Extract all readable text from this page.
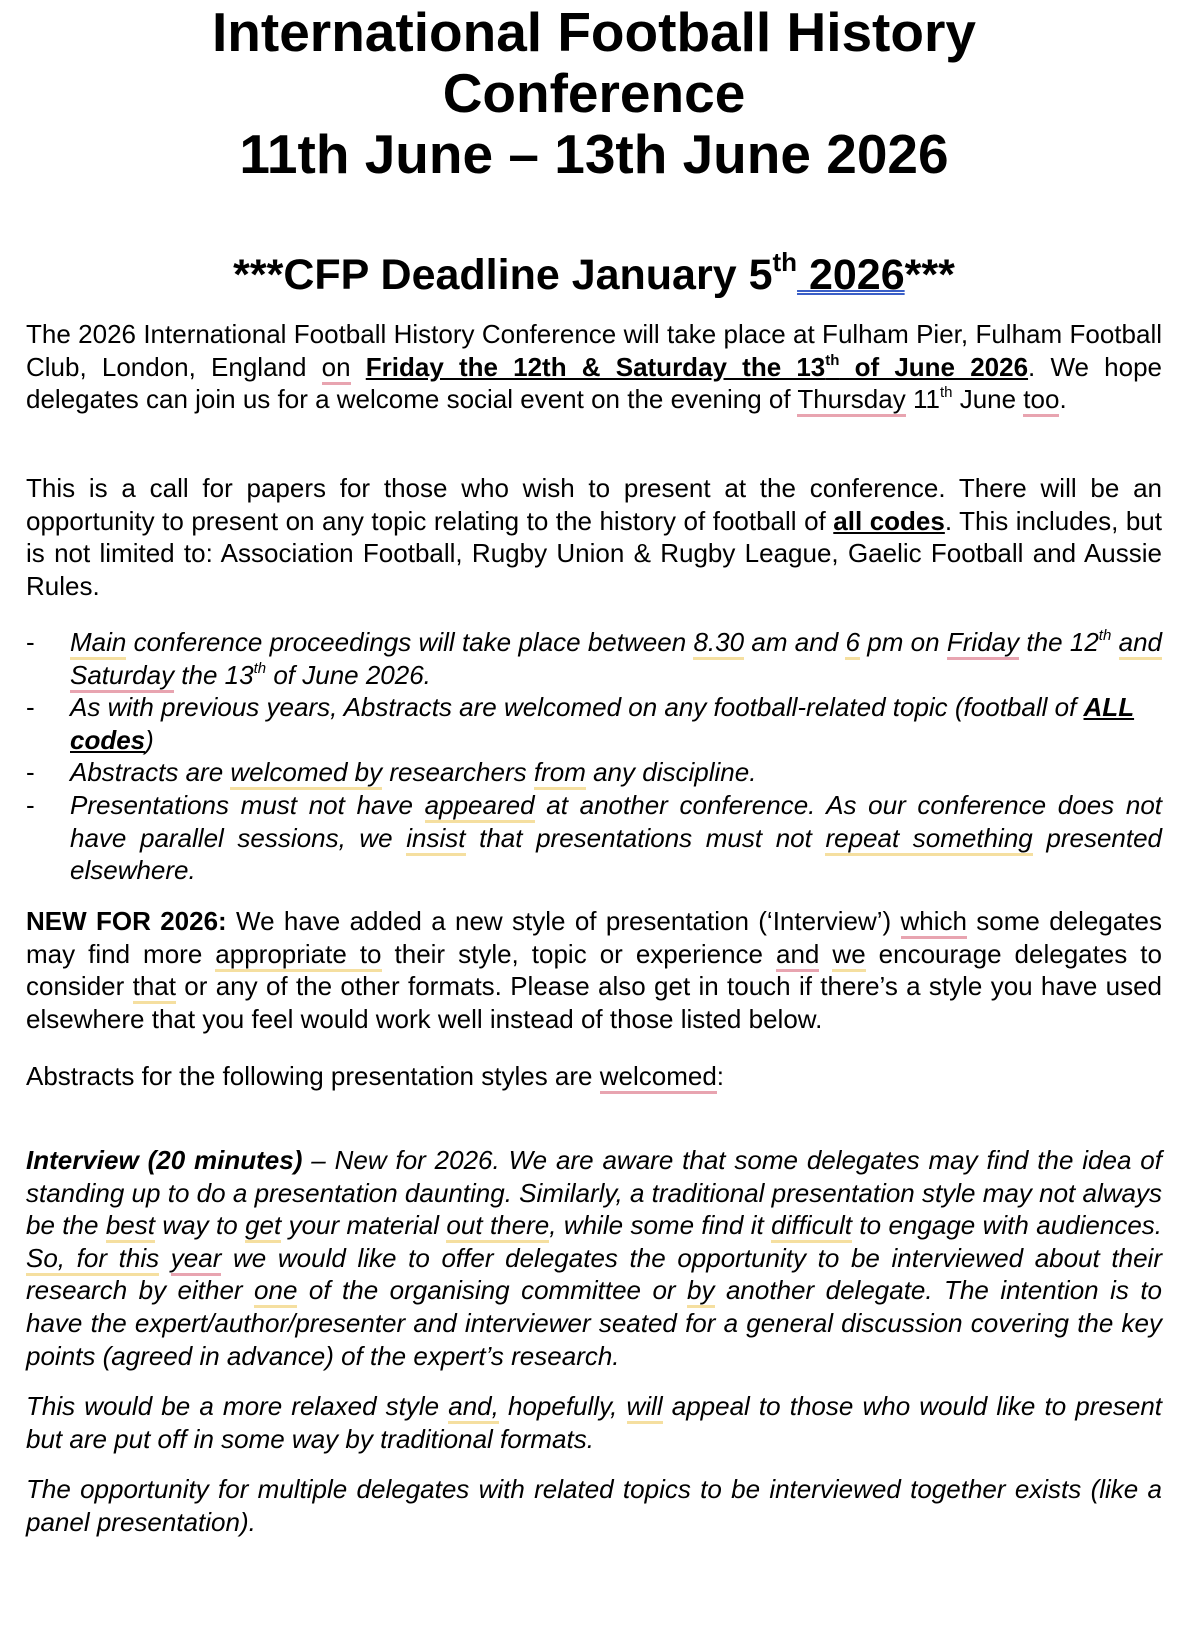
International Football History
Conference
11th June – 13th June 2026
***CFP Deadline January 5th 2026***

The 2026 International Football History Conference will take place at Fulham Pier, Fulham Football Club, London, England on Friday the 12th & Saturday the 13th of June 2026. We hope delegates can join us for a welcome social event on the evening of Thursday 11th June too.

This is a call for papers for those who wish to present at the conference. There will be an opportunity to present on any topic relating to the history of football of all codes. This includes, but is not limited to: Association Football, Rugby Union & Rugby League, Gaelic Football and Aussie Rules.

-	Main conference proceedings will take place between 8.30 am and 6 pm on Friday the 12th and Saturday the 13th of June 2026.
-	As with previous years, Abstracts are welcomed on any football-related topic (football of ALL codes)
-	Abstracts are welcomed by researchers from any discipline.
-	Presentations must not have appeared at another conference. As our conference does not have parallel sessions, we insist that presentations must not repeat something presented elsewhere.

NEW FOR 2026: We have added a new style of presentation (‘Interview’) which some delegates may find more appropriate to their style, topic or experience and we encourage delegates to consider that or any of the other formats. Please also get in touch if there’s a style you have used elsewhere that you feel would work well instead of those listed below.

Abstracts for the following presentation styles are welcomed:

Interview (20 minutes) – New for 2026. We are aware that some delegates may find the idea of standing up to do a presentation daunting. Similarly, a traditional presentation style may not always be the best way to get your material out there, while some find it difficult to engage with audiences. So, for this year we would like to offer delegates the opportunity to be interviewed about their research by either one of the organising committee or by another delegate. The intention is to have the expert/author/presenter and interviewer seated for a general discussion covering the key points (agreed in advance) of the expert’s research.

This would be a more relaxed style and, hopefully, will appeal to those who would like to present but are put off in some way by traditional formats.

The opportunity for multiple delegates with related topics to be interviewed together exists (like a panel presentation).
